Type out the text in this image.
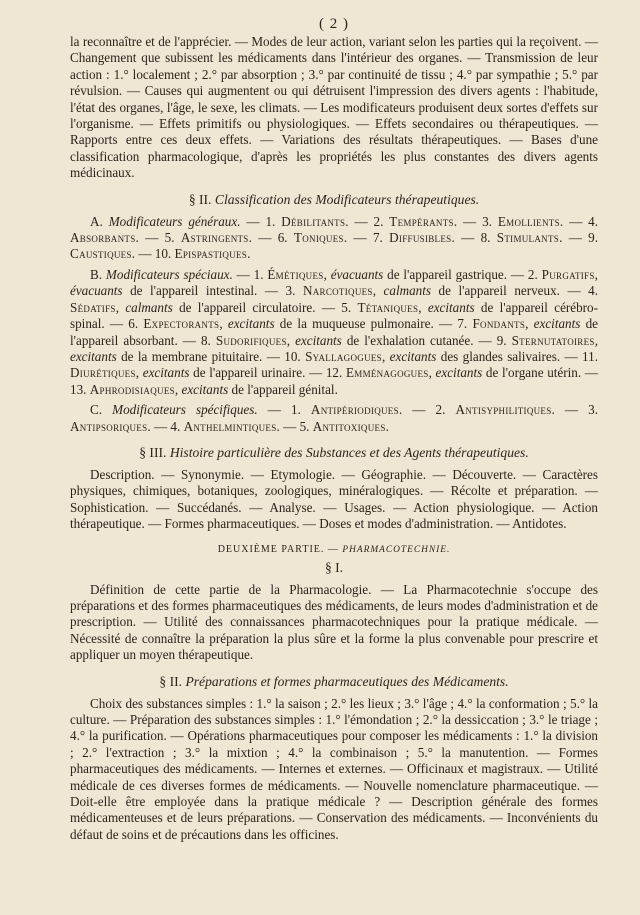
( 2 )

la reconnaître et de l'apprécier. — Modes de leur action, variant selon les parties qui la reçoivent. — Changement que subissent les médicaments dans l'intérieur des organes. — Transmission de leur action : 1.° localement ; 2.° par absorption ; 3.° par continuité de tissu ; 4.° par sympathie ; 5.° par révulsion. — Causes qui augmentent ou qui détruisent l'impression des divers agents : l'habitude, l'état des organes, l'âge, le sexe, les climats. — Les modificateurs produisent deux sortes d'effets sur l'organisme. — Effets primitifs ou physiologiques. — Effets secondaires ou thérapeutiques. — Rapports entre ces deux effets. — Variations des résultats thérapeutiques. — Bases d'une classification pharmacologique, d'après les propriétés les plus constantes des divers agents médicinaux.

§ II. Classification des Modificateurs thérapeutiques.

A. Modificateurs généraux. — 1. Débilitants. — 2. Tempérants. — 3. Emollients. — 4. Absorbants. — 5. Astringents. — 6. Toniques. — 7. Diffusibles. — 8. Stimulants. — 9. Caustiques. — 10. Epispastiques.

B. Modificateurs spéciaux. — 1. Émétiques, évacuants de l'appareil gastrique. — 2. Purgatifs, évacuants de l'appareil intestinal. — 3. Narcotiques, calmants de l'appareil nerveux. — 4. Sédatifs, calmants de l'appareil circulatoire. — 5. Tétaniques, excitants de l'appareil cérébro-spinal. — 6. Expectorants, excitants de la muqueuse pulmonaire. — 7. Fondants, excitants de l'appareil absorbant. — 8. Sudorifiques, excitants de l'exhalation cutanée. — 9. Sternutatoires, excitants de la membrane pituitaire. — 10. Syallagogues, excitants des glandes salivaires. — 11. Diurétiques, excitants de l'appareil urinaire. — 12. Emménagogues, excitants de l'organe utérin. — 13. Aphrodisiaques, excitants de l'appareil génital.

C. Modificateurs spécifiques. — 1. Antipériodiques. — 2. Antisyphilitiques. — 3. Antipsoriques. — 4. Anthelmintiques. — 5. Antitoxiques.

§ III. Histoire particulière des Substances et des Agents thérapeutiques.

Description. — Synonymie. — Etymologie. — Géographie. — Découverte. — Caractères physiques, chimiques, botaniques, zoologiques, minéralogiques. — Récolte et préparation. — Sophistication. — Succédanés. — Analyse. — Usages. — Action physiologique. — Action thérapeutique. — Formes pharmaceutiques. — Doses et modes d'administration. — Antidotes.

DEUXIÈME PARTIE. — PHARMACOTECHNIE.
§ I.

Définition de cette partie de la Pharmacologie. — La Pharmacotechnie s'occupe des préparations et des formes pharmaceutiques des médicaments, de leurs modes d'administration et de prescription. — Utilité des connaissances pharmacotechniques pour la pratique médicale. — Nécessité de connaître la préparation la plus sûre et la forme la plus convenable pour prescrire et appliquer un moyen thérapeutique.

§ II. Préparations et formes pharmaceutiques des Médicaments.

Choix des substances simples : 1.° la saison ; 2.° les lieux ; 3.° l'âge ; 4.° la conformation ; 5.° la culture. — Préparation des substances simples : 1.° l'émondation ; 2.° la dessiccation ; 3.° le triage ; 4.° la purification. — Opérations pharmaceutiques pour composer les médicaments : 1.° la division ; 2.° l'extraction ; 3.° la mixtion ; 4.° la combinaison ; 5.° la manutention. — Formes pharmaceutiques des médicaments. — Internes et externes. — Officinaux et magistraux. — Utilité médicale de ces diverses formes de médicaments. — Nouvelle nomenclature pharmaceutique. — Doit-elle être employée dans la pratique médicale ? — Description générale des formes médicamenteuses et de leurs préparations. — Conservation des médicaments. — Inconvénients du défaut de soins et de précautions dans les officines.
